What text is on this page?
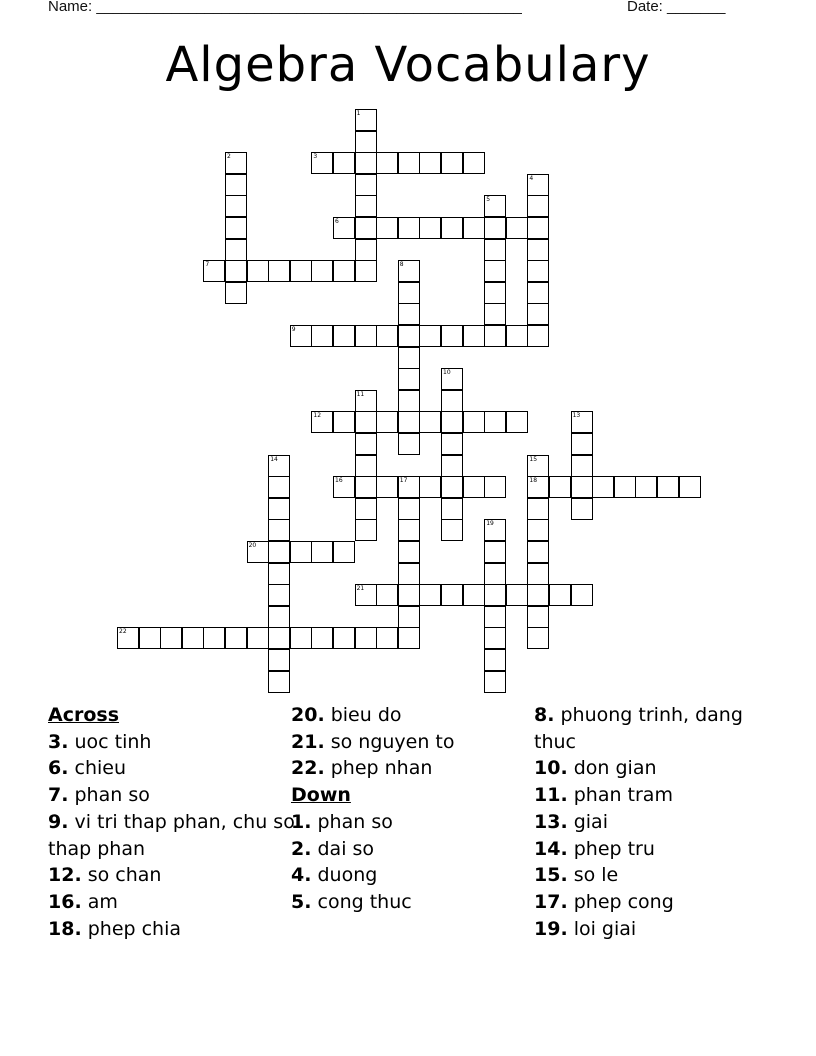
Name: ___________________________________________________	Date: _______
Algebra Vocabulary
1
2	3
4
5
6
7	8
9
10
11
12	13
14	15
18
16	17
19
20
21
22
Across
3. uoc tinh
6. chieu
7. phan so
9. vi tri thap phan, chu so thap phan
12. so chan
16. am
18. phep chia
20. bieu do
21. so nguyen to
22. phep nhan
Down
1. phan so
2. dai so
4. duong
5. cong thuc
8. phuong trinh, dang thuc
10. don gian
11. phan tram
13. giai
14. phep tru
15. so le
17. phep cong
19. loi giai
